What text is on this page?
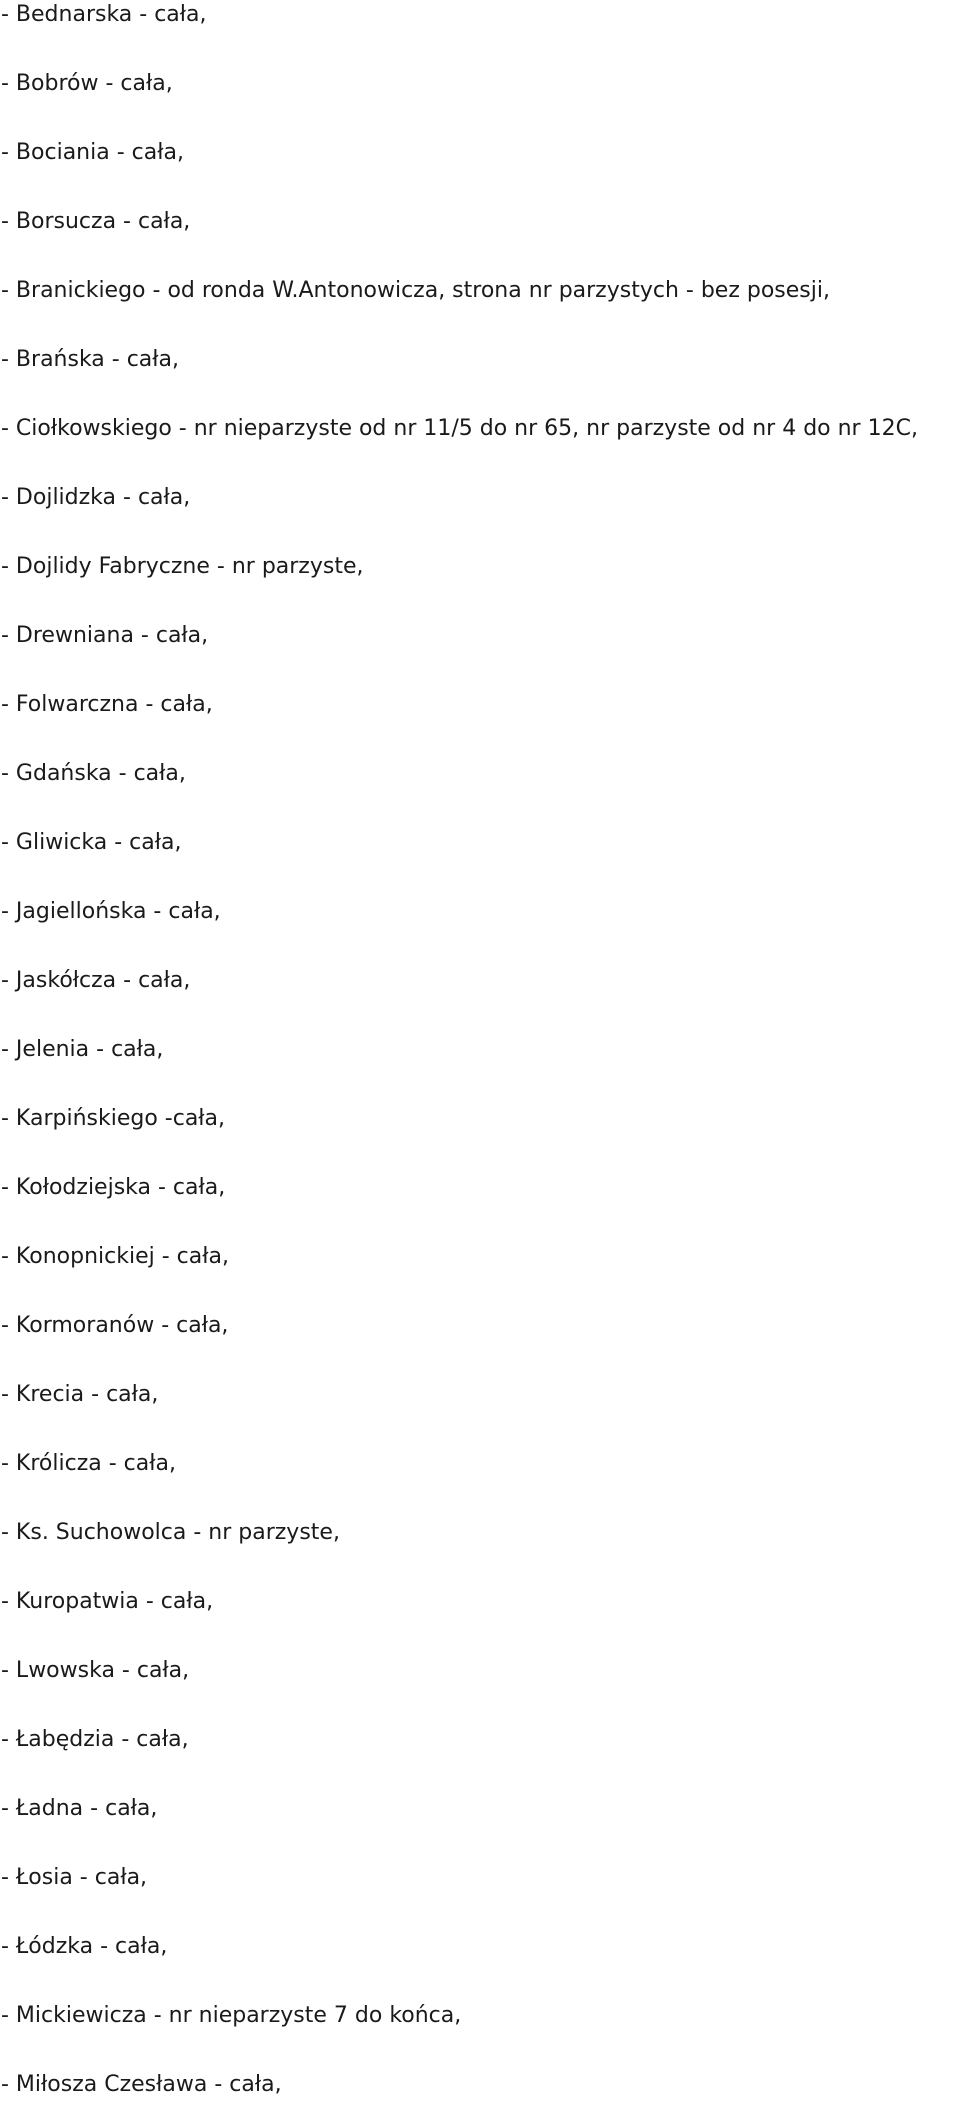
- Bednarska - cała,
- Bobrów - cała,
- Bociania - cała,
- Borsucza - cała,
- Branickiego - od ronda W.Antonowicza, strona nr parzystych - bez posesji,
- Brańska - cała,
- Ciołkowskiego - nr nieparzyste od nr 11/5 do nr 65, nr parzyste od nr 4 do nr 12C,
- Dojlidzka - cała,
- Dojlidy Fabryczne - nr parzyste,
- Drewniana - cała,
- Folwarczna - cała,
- Gdańska - cała,
- Gliwicka - cała,
- Jagiellońska - cała,
- Jaskółcza - cała,
- Jelenia - cała,
- Karpińskiego -cała,
- Kołodziejska - cała,
- Konopnickiej - cała,
- Kormoranów - cała,
- Krecia - cała,
- Królicza - cała,
- Ks. Suchowolca - nr parzyste,
- Kuropatwia - cała,
- Lwowska - cała,
- Łabędzia - cała,
- Ładna - cała,
- Łosia - cała,
- Łódzka - cała,
- Mickiewicza - nr nieparzyste 7 do końca,
- Miłosza Czesława - cała,
